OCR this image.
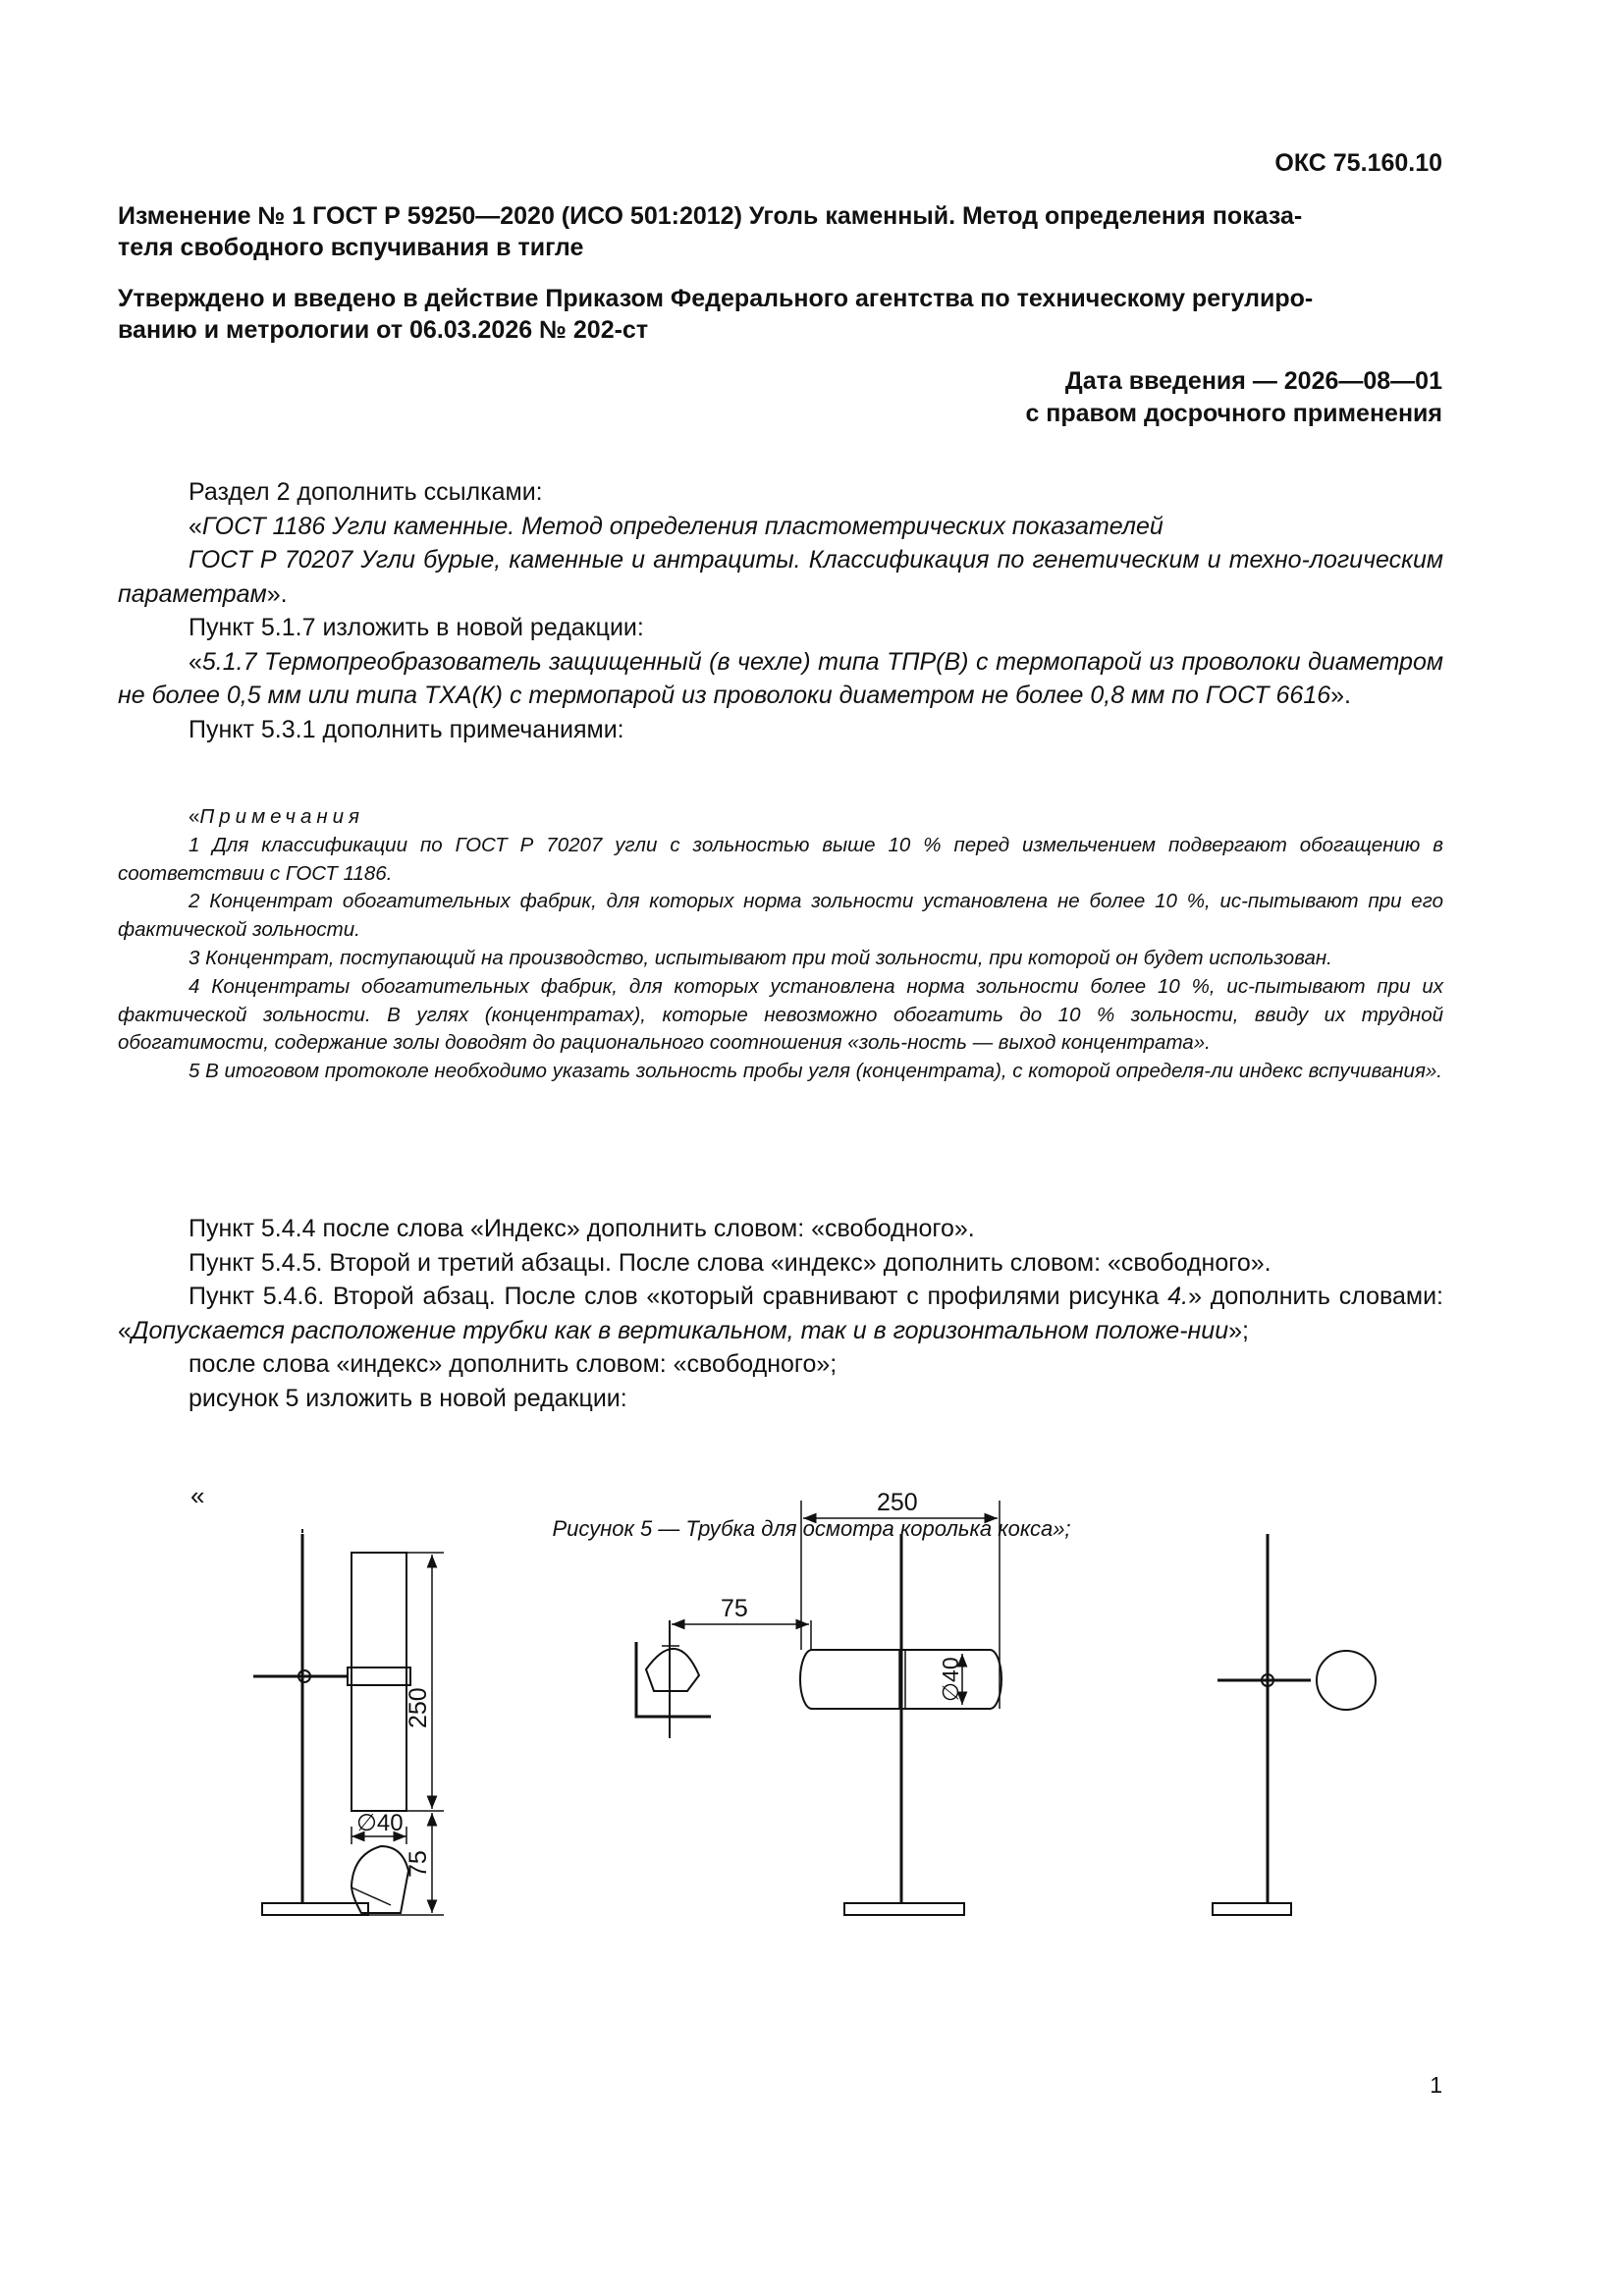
ОКС 75.160.10
Изменение № 1 ГОСТ Р 59250—2020 (ИСО 501:2012) Уголь каменный. Метод определения показа-
теля свободного вспучивания в тигле
Утверждено и введено в действие Приказом Федерального агентства по техническому регулиро-
ванию и метрологии от 06.03.2026 № 202-ст
Дата введения — 2026—08—01
с правом досрочного применения

Раздел 2 дополнить ссылками:

«ГОСТ 1186 Угли каменные. Метод определения пластометрических показателей

ГОСТ Р 70207 Угли бурые, каменные и антрациты. Классификация по генетическим и техно-логическим параметрам».

Пункт 5.1.7 изложить в новой редакции:

«5.1.7 Термопреобразователь защищенный (в чехле) типа ТПР(В) с термопарой из проволоки диаметром не более 0,5 мм или типа ТХА(К) с термопарой из проволоки диаметром не более 0,8 мм по ГОСТ 6616».

Пункт 5.3.1 дополнить примечаниями:

«Примечания

1 Для классификации по ГОСТ Р 70207 угли с зольностью выше 10 % перед измельчением подвергают обогащению в соответствии с ГОСТ 1186.

2 Концентрат обогатительных фабрик, для которых норма зольности установлена не более 10 %, ис-пытывают при его фактической зольности.

3 Концентрат, поступающий на производство, испытывают при той зольности, при которой он будет использован.

4 Концентраты обогатительных фабрик, для которых установлена норма зольности более 10 %, ис-пытывают при их фактической зольности. В углях (концентратах), которые невозможно обогатить до 10 % зольности, ввиду их трудной обогатимости, содержание золы доводят до рационального соотношения «золь-ность — выход концентрата».

5 В итоговом протоколе необходимо указать зольность пробы угля (концентрата), с которой определя-ли индекс вспучивания».

Пункт 5.4.4 после слова «Индекс» дополнить словом: «свободного».

Пункт 5.4.5. Второй и третий абзацы. После слова «индекс» дополнить словом: «свободного».

Пункт 5.4.6. Второй абзац. После слов «который сравнивают с профилями рисунка 4.» дополнить словами: «Допускается расположение трубки как в вертикальном, так и в горизонтальном положе-нии»;

после слова «индекс» дополнить словом: «свободного»;

рисунок 5 изложить в новой редакции:

«
250
75
∅40
250
∅40
75
Рисунок 5 — Трубка для осмотра королька кокса»;
1
